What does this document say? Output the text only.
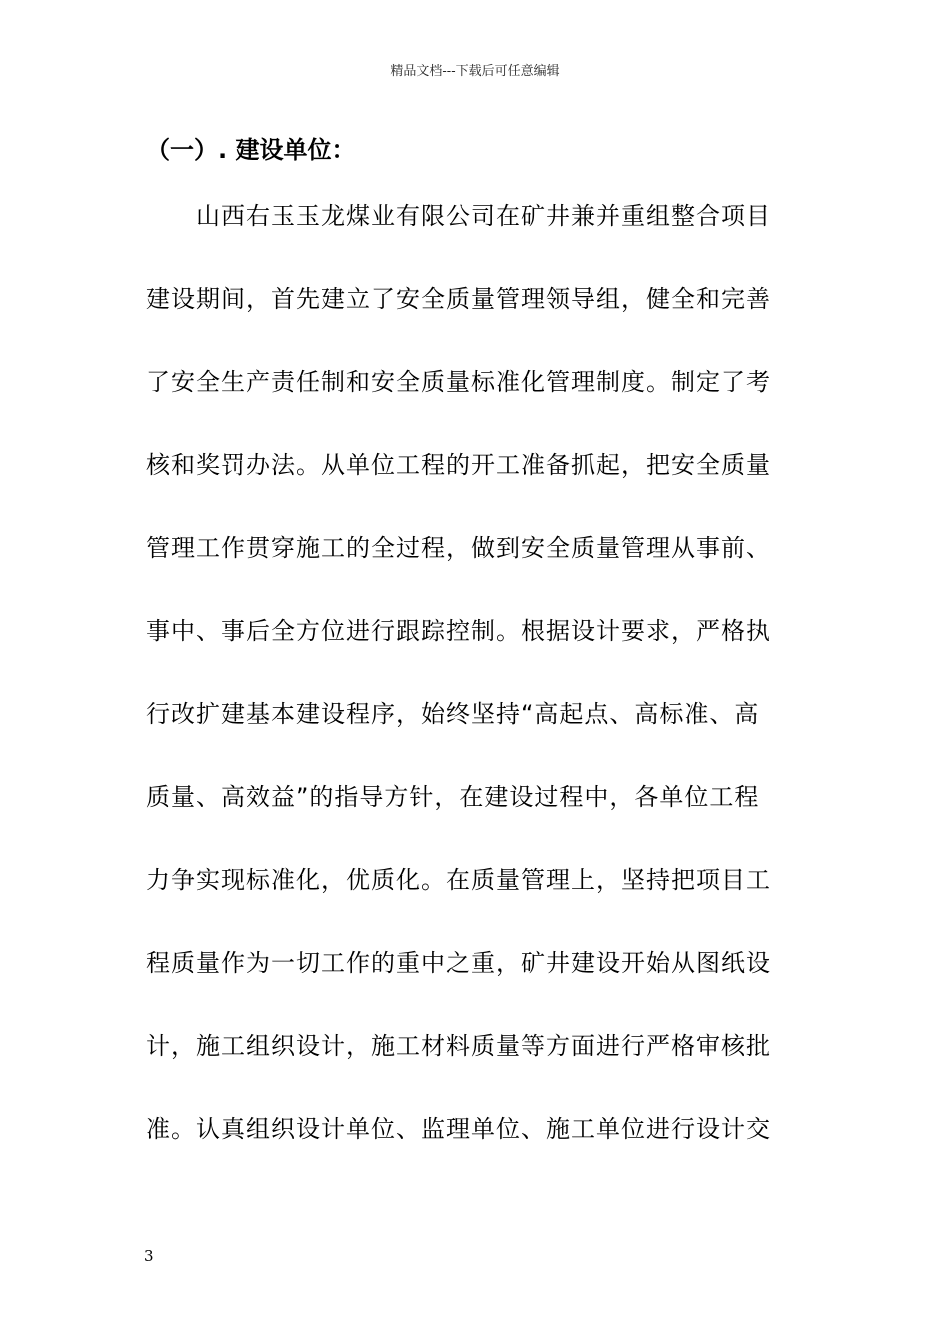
精品文档---下载后可任意编辑
（一）. 建设单位：
　　山西右玉玉龙煤业有限公司在矿井兼并重组整合项目
建设期间，首先建立了安全质量管理领导组，健全和完善
了安全生产责任制和安全质量标准化管理制度。制定了考
核和奖罚办法。从单位工程的开工准备抓起，把安全质量
管理工作贯穿施工的全过程，做到安全质量管理从事前、
事中、事后全方位进行跟踪控制。根据设计要求，严格执
行改扩建基本建设程序，始终坚持“高起点、高标准、高
质量、高效益”的指导方针，在建设过程中，各单位工程
力争实现标准化，优质化。在质量管理上，坚持把项目工
程质量作为一切工作的重中之重，矿井建设开始从图纸设
计，施工组织设计，施工材料质量等方面进行严格审核批
准。认真组织设计单位、监理单位、施工单位进行设计交
3
